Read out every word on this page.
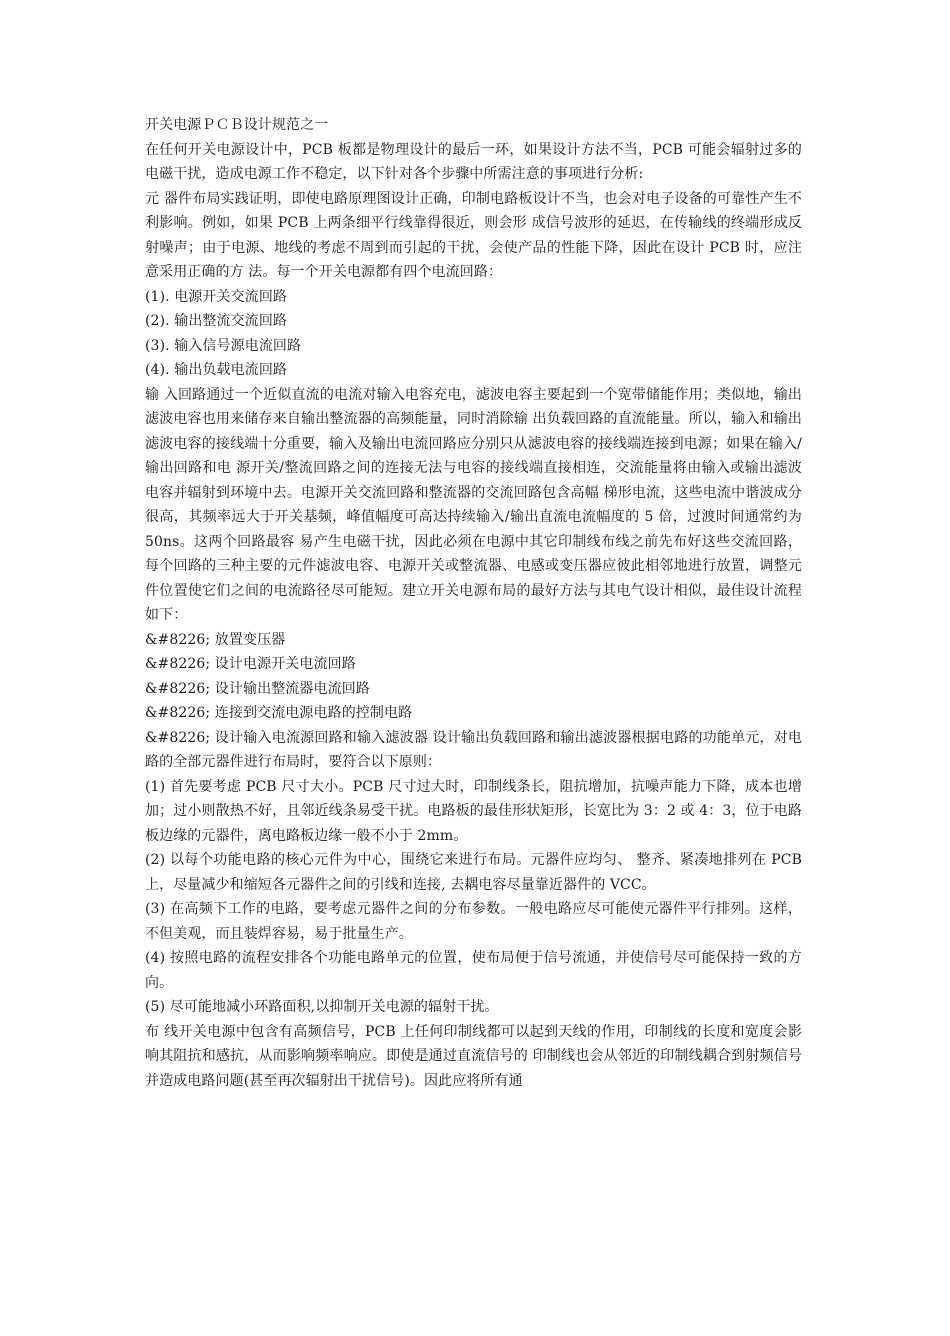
开关电源ＰＣＢ设计规范之一

在任何开关电源设计中，PCB 板都是物理设计的最后一环，如果设计方法不当，PCB 可能会辐射过多的电磁干扰，造成电源工作不稳定，以下针对各个步骤中所需注意的事项进行分析:

元 器件布局实践证明，即使电路原理图设计正确，印制电路板设计不当，也会对电子设备的可靠性产生不利影响。例如，如果 PCB 上两条细平行线靠得很近，则会形 成信号波形的延迟，在传输线的终端形成反射噪声；由于电源、地线的考虑不周到而引起的干扰，会使产品的性能下降，因此在设计 PCB 时，应注意采用正确的方 法。每一个开关电源都有四个电流回路：

(1). 电源开关交流回路

(2). 输出整流交流回路

(3). 输入信号源电流回路

(4). 输出负载电流回路

输 入回路通过一个近似直流的电流对输入电容充电，滤波电容主要起到一个宽带储能作用；类似地，输出滤波电容也用来储存来自输出整流器的高频能量，同时消除输 出负载回路的直流能量。所以，输入和输出滤波电容的接线端十分重要，输入及输出电流回路应分别只从滤波电容的接线端连接到电源；如果在输入/输出回路和电 源开关/整流回路之间的连接无法与电容的接线端直接相连，交流能量将由输入或输出滤波电容并辐射到环境中去。电源开关交流回路和整流器的交流回路包含高幅 梯形电流，这些电流中谐波成分很高，其频率远大于开关基频，峰值幅度可高达持续输入/输出直流电流幅度的 5 倍，过渡时间通常约为 50ns。这两个回路最容 易产生电磁干扰，因此必须在电源中其它印制线布线之前先布好这些交流回路，每个回路的三种主要的元件滤波电容、电源开关或整流器、电感或变压器应彼此相邻地进行放置，调整元件位置使它们之间的电流路径尽可能短。建立开关电源布局的最好方法与其电气设计相似，最佳设计流程如下：

&#8226; 放置变压器

&#8226; 设计电源开关电流回路

&#8226; 设计输出整流器电流回路

&#8226; 连接到交流电源电路的控制电路

&#8226; 设计输入电流源回路和输入滤波器 设计输出负载回路和输出滤波器根据电路的功能单元，对电路的全部元器件进行布局时，要符合以下原则：

(1) 首先要考虑 PCB 尺寸大小。PCB 尺寸过大时，印制线条长，阻抗增加，抗噪声能力下降，成本也增加；过小则散热不好，且邻近线条易受干扰。电路板的最佳形状矩形，长宽比为 3：2 或 4：3，位于电路板边缘的元器件，离电路板边缘一般不小于 2mm。

(2) 以每个功能电路的核心元件为中心，围绕它来进行布局。元器件应均匀、 整齐、紧凑地排列在 PCB 上，尽量减少和缩短各元器件之间的引线和连接, 去耦电容尽量靠近器件的 VCC。

(3) 在高频下工作的电路，要考虑元器件之间的分布参数。一般电路应尽可能使元器件平行排列。这样，不但美观，而且装焊容易，易于批量生产。

(4) 按照电路的流程安排各个功能电路单元的位置，使布局便于信号流通，并使信号尽可能保持一致的方向。

(5) 尽可能地减小环路面积,以抑制开关电源的辐射干扰。

布 线开关电源中包含有高频信号，PCB 上任何印制线都可以起到天线的作用，印制线的长度和宽度会影响其阻抗和感抗，从而影响频率响应。即使是通过直流信号的 印制线也会从邻近的印制线耦合到射频信号并造成电路问题(甚至再次辐射出干扰信号)。因此应将所有通
